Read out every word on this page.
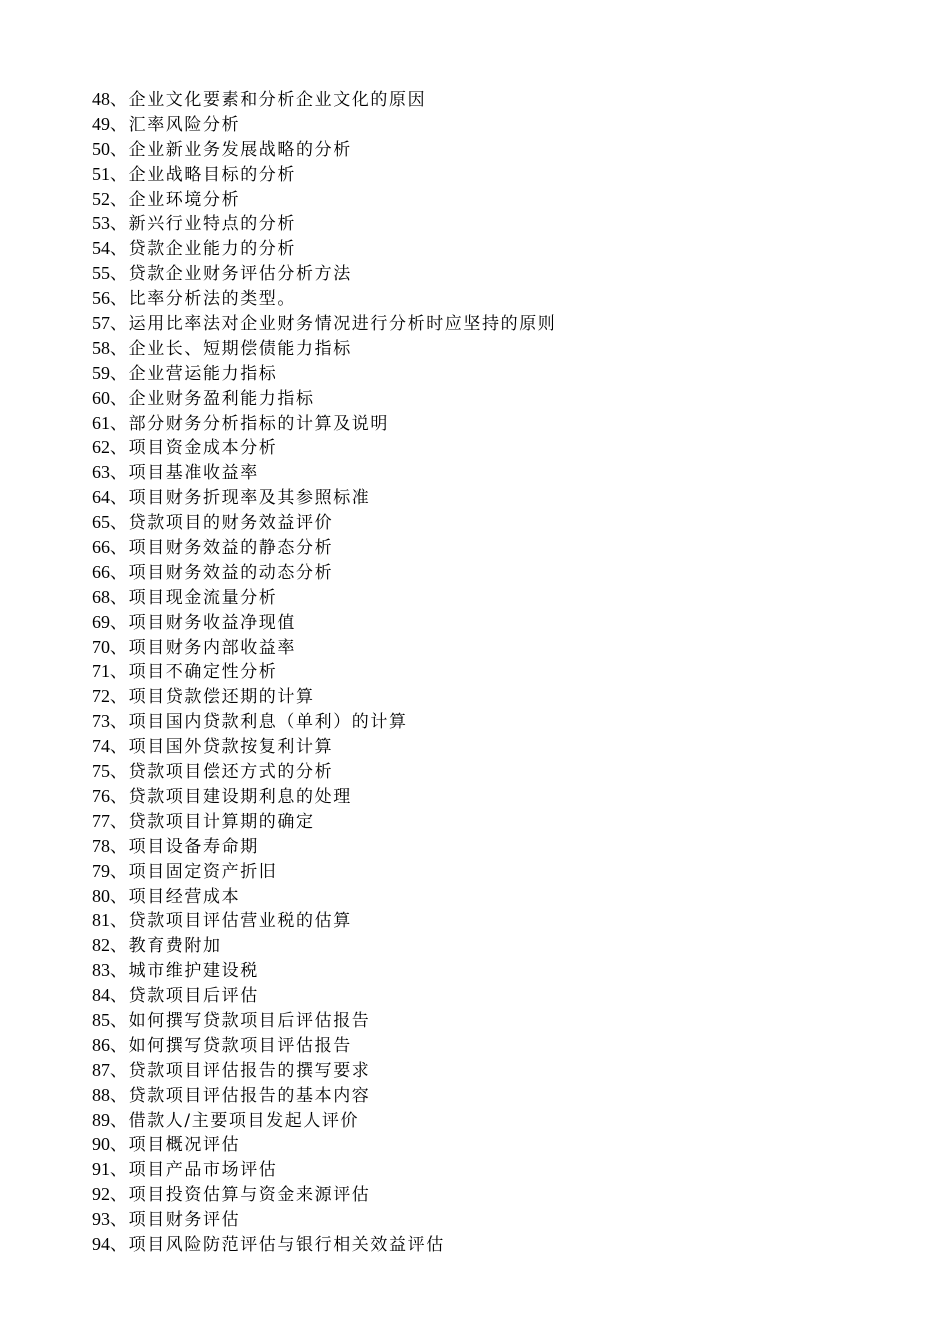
48、企业文化要素和分析企业文化的原因
49、汇率风险分析
50、企业新业务发展战略的分析
51、企业战略目标的分析
52、企业环境分析
53、新兴行业特点的分析
54、贷款企业能力的分析
55、贷款企业财务评估分析方法
56、比率分析法的类型。
57、运用比率法对企业财务情况进行分析时应坚持的原则
58、企业长、短期偿债能力指标
59、企业营运能力指标
60、企业财务盈利能力指标
61、部分财务分析指标的计算及说明
62、项目资金成本分析
63、项目基准收益率
64、项目财务折现率及其参照标准
65、贷款项目的财务效益评价
66、项目财务效益的静态分析
66、项目财务效益的动态分析
68、项目现金流量分析
69、项目财务收益净现值
70、项目财务内部收益率
71、项目不确定性分析
72、项目贷款偿还期的计算
73、项目国内贷款利息（单利）的计算
74、项目国外贷款按复利计算
75、贷款项目偿还方式的分析
76、贷款项目建设期利息的处理
77、贷款项目计算期的确定
78、项目设备寿命期
79、项目固定资产折旧
80、项目经营成本
81、贷款项目评估营业税的估算
82、教育费附加
83、城市维护建设税
84、贷款项目后评估
85、如何撰写贷款项目后评估报告
86、如何撰写贷款项目评估报告
87、贷款项目评估报告的撰写要求
88、贷款项目评估报告的基本内容
89、借款人/主要项目发起人评价
90、项目概况评估
91、项目产品市场评估
92、项目投资估算与资金来源评估
93、项目财务评估
94、项目风险防范评估与银行相关效益评估
